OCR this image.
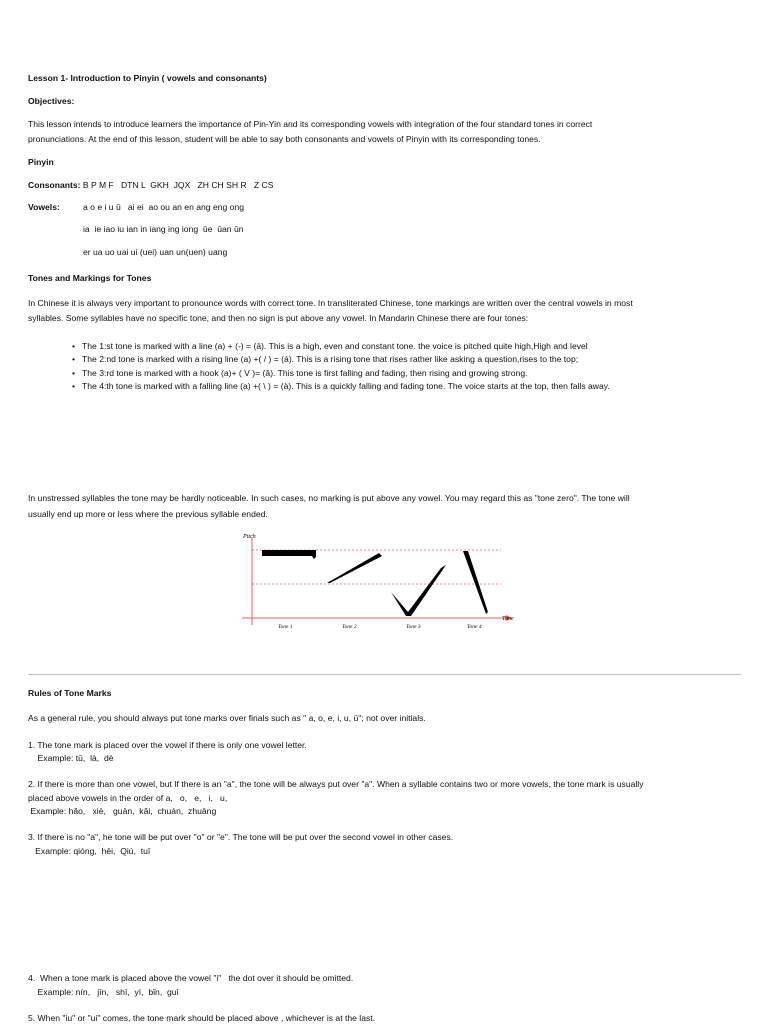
Lesson 1- Introduction to Pinyin ( vowels and consonants)
Objectives:
This lesson intends to introduce learners the importance of Pin-Yin and its corresponding vowels with integration of the four standard tones in correct
pronunciations. At the end of this lesson, student will be able to say both consonants and vowels of Pinyin with its corresponding tones.
Pinyin
Consonants: B P M F   DTN L  GKH  JQX   ZH CH SH R   Z CS
Vowels:	a o e i u û   ai ei  ao ou an en ang eng ong
ia  ie iao iu ian in iang ing iong  ûe  ûan ûn
er ua uo uai ui (uei) uan un(uen) uang
Tones and Markings for Tones
In Chinese it is always very important to pronounce words with correct tone. In transliterated Chinese, tone markings are written over the central vowels in most
syllables. Some syllables have no specific tone, and then no sign is put above any vowel. In Mandarin Chinese there are four tones:
• The 1:st tone is marked with a line (a) + (-) = (ā). This is a high, even and constant tone. the voice is pitched quite high,High and level
• The 2:nd tone is marked with a rising line (a) +( / ) = (á). This is a rising tone that rises rather like asking a question,rises to the top;
• The 3:rd tone is marked with a hook (a)+ ( V )= (ǎ). This tone is first falling and fading, then rising and growing strong.
• The 4:th tone is marked with a falling line (a) +( \ ) = (à). This is a quickly falling and fading tone. The voice starts at the top, then falls away.
In unstressed syllables the tone may be hardly noticeable. In such cases, no marking is put above any vowel. You may regard this as "tone zero". The tone will
usually end up more or less where the previous syllable ended.
Pitch
Time
Tone 1	Tone 2	Tone 3	Tone 4
Rules of Tone Marks
As a general rule, you should always put tone marks over finals such as " a, o, e, i, u, ü"; not over initials.
1. The tone mark is placed over the vowel if there is only one vowel letter.
Example: tǔ,  là,  dè
2. If there is more than one vowel, but If there is an "a", the tone will be always put over "a". When a syllable contains two or more vowels, the tone mark is usually
placed above vowels in the order of a,   o,   e,   i,   u,
Example: hǎo,   xiè,   guān,  kǎi,  chuán,  zhuāng
3. If there is no "a", he tone will be put over "o" or "e". The tone will be put over the second vowel in other cases.
Example: qióng,  hēi,  Qiú,  tuī
4.  When a tone mark is placed above the vowel "i"   the dot over it should be omitted.
Example: nín,   jīn,   shī,  yí,  bǐn,  guī
5. When "iu" or "ui" comes, the tone mark should be placed above , whichever is at the last.
